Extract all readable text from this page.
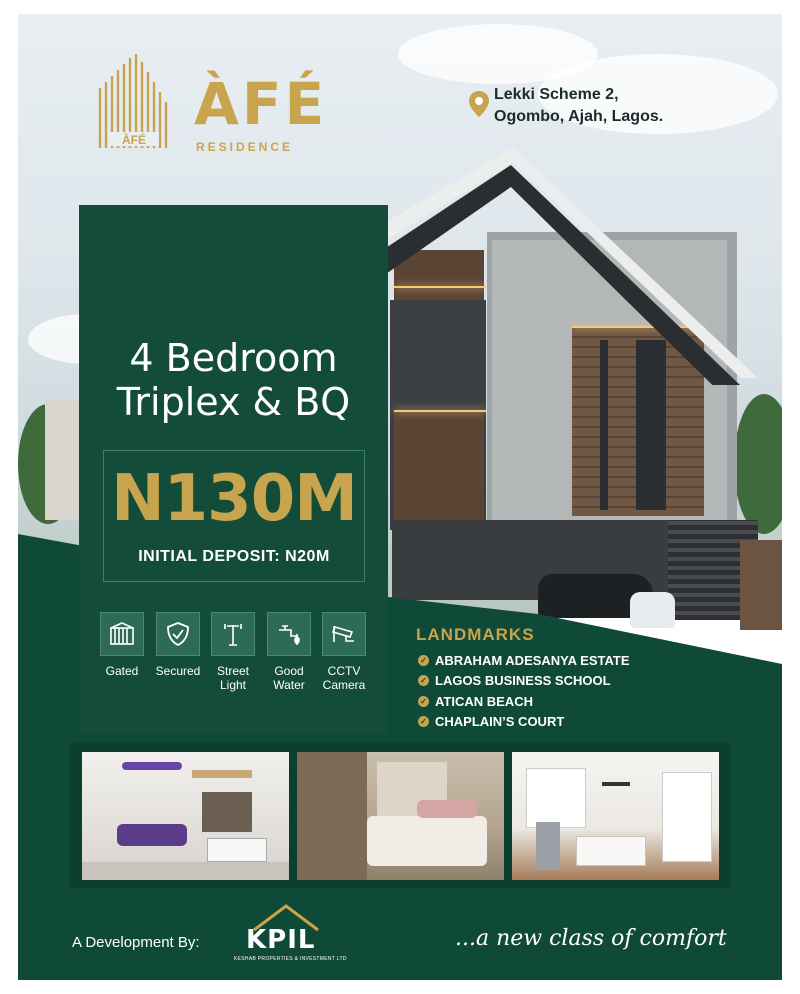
ÀFÉ
ÀFÉ
RESIDENCE
Lekki Scheme 2,
Ogombo, Ajah, Lagos.
4 Bedroom
Triplex & BQ
N130M
INITIAL DEPOSIT: N20M
Gated	Secured	Street Light
Good Water
CCTV Camera
LANDMARKS
✓ ABRAHAM ADESANYA ESTATE
✓ LAGOS BUSINESS SCHOOL
✓ ATICAN BEACH
✓ CHAPLAIN’S COURT
A Development By: KPIL
KESHAB PROPERTIES & INVESTMENT LTD
...a new class of comfort
